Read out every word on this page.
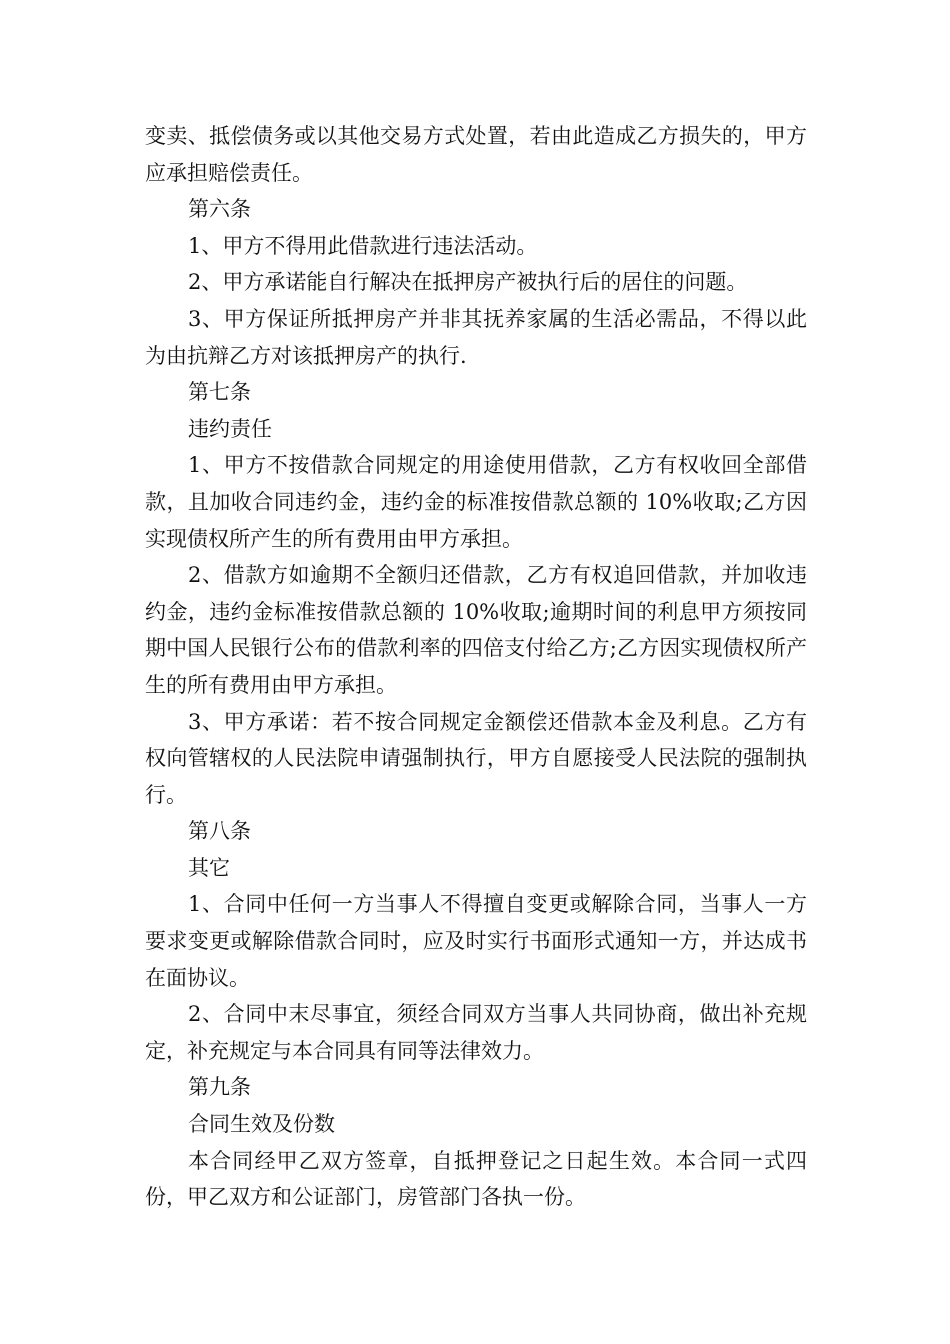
变卖、抵偿债务或以其他交易方式处置，若由此造成乙方损失的，甲方应承担赔偿责任。

第六条

1、甲方不得用此借款进行违法活动。

2、甲方承诺能自行解决在抵押房产被执行后的居住的问题。

3、甲方保证所抵押房产并非其抚养家属的生活必需品，不得以此为由抗辩乙方对该抵押房产的执行.

第七条

违约责任

1、甲方不按借款合同规定的用途使用借款，乙方有权收回全部借款，且加收合同违约金，违约金的标准按借款总额的 10%收取;乙方因实现债权所产生的所有费用由甲方承担。

2、借款方如逾期不全额归还借款，乙方有权追回借款，并加收违约金，违约金标准按借款总额的 10%收取;逾期时间的利息甲方须按同期中国人民银行公布的借款利率的四倍支付给乙方;乙方因实现债权所产生的所有费用由甲方承担。

3、甲方承诺：若不按合同规定金额偿还借款本金及利息。乙方有权向管辖权的人民法院申请强制执行，甲方自愿接受人民法院的强制执行。

第八条

其它

1、合同中任何一方当事人不得擅自变更或解除合同，当事人一方要求变更或解除借款合同时，应及时实行书面形式通知一方，并达成书在面协议。

2、合同中末尽事宜，须经合同双方当事人共同协商，做出补充规定，补充规定与本合同具有同等法律效力。

第九条

合同生效及份数

本合同经甲乙双方签章，自抵押登记之日起生效。本合同一式四份，甲乙双方和公证部门，房管部门各执一份。
